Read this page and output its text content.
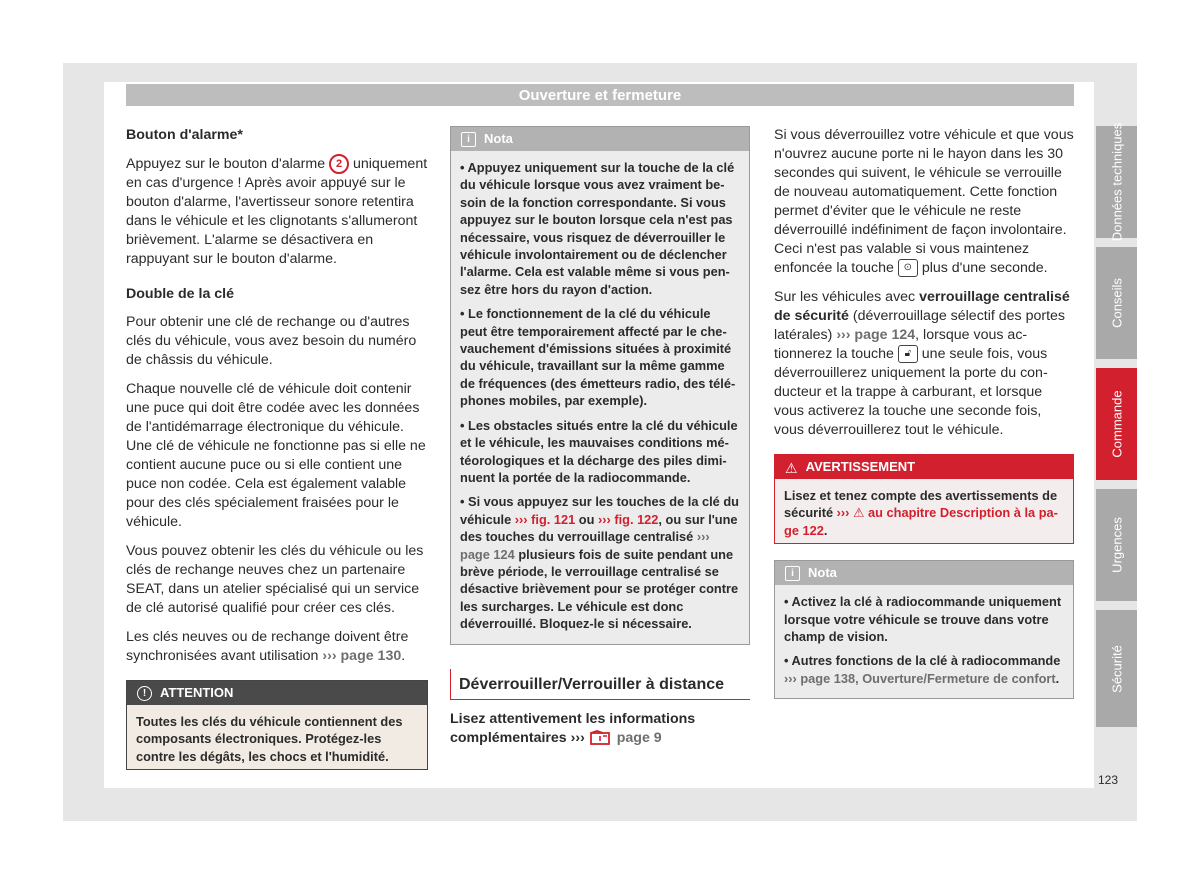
Ouverture et fermeture
Bouton d'alarme*

Appuyez sur le bouton d'alarme 2 uniquement en cas d'urgence ! Après avoir appuyé sur le bouton d'alarme, l'avertisseur sonore retentira dans le véhicule et les clignotants s'allumeront brièvement. L'alarme se désactivera en rappuyant sur le bouton d'alarme.

Double de la clé

Pour obtenir une clé de rechange ou d'autres clés du véhicule, vous avez besoin du numéro de châssis du véhicule.

Chaque nouvelle clé de véhicule doit contenir une puce qui doit être codée avec les données de l'antidémarrage électronique du véhicule. Une clé de véhicule ne fonctionne pas si elle ne contient aucune puce ou si elle contient une puce non codée. Cela est également valable pour des clés spécialement fraisées pour le véhicule.

Vous pouvez obtenir les clés du véhicule ou les clés de rechange neuves chez un partenaire SEAT, dans un atelier spécialisé qui un service de clé autorisé qualifié pour créer ces clés.

Les clés neuves ou de rechange doivent être synchronisées avant utilisation ››› page 130.

! ATTENTION
Toutes les clés du véhicule contiennent des composants électroniques. Protégez-les contre les dégâts, les chocs et l'humidité.
i Nota

• Appuyez uniquement sur la touche de la clé du véhicule lorsque vous avez vraiment besoin de la fonction correspondante. Si vous appuyez sur le bouton lorsque cela n'est pas nécessaire, vous risquez de déverrouiller le véhicule involontairement ou de déclencher l'alarme. Cela est valable même si vous pensez être hors du rayon d'action.

• Le fonctionnement de la clé du véhicule peut être temporairement affecté par le chevauchement d'émissions situées à proximité du véhicule, travaillant sur la même gamme de fréquences (des émetteurs radio, des téléphones mobiles, par exemple).

• Les obstacles situés entre la clé du véhicule et le véhicule, les mauvaises conditions météorologiques et la décharge des piles diminuent la portée de la radiocommande.

• Si vous appuyez sur les touches de la clé du véhicule ››› fig. 121 ou ››› fig. 122, ou sur l'une des touches du verrouillage centralisé ››› page 124 plusieurs fois de suite pendant une brève période, le verrouillage centralisé se désactive brièvement pour se protéger contre les surcharges. Le véhicule est donc déverrouillé. Bloquez-le si nécessaire.

Déverrouiller/Verrouiller à distance

Lisez attentivement les informations complémentaires ››› page 9

Si vous déverrouillez votre véhicule et que vous n'ouvrez aucune porte ni le hayon dans les 30 secondes qui suivent, le véhicule se verrouille de nouveau automatiquement. Cette fonction permet d'éviter que le véhicule ne reste déverrouillé indéfiniment de façon involontaire. Ceci n'est pas valable si vous maintenez enfoncée la touche ⊙ plus d'une seconde.

Sur les véhicules avec verrouillage centralisé de sécurité (déverrouillage sélectif des portes latérales) ››› page 124, lorsque vous actionnerez la touche 🔓︎ une seule fois, vous déverrouillerez uniquement la porte du conducteur et la trappe à carburant, et lorsque vous activerez la touche une seconde fois, vous déverrouillerez tout le véhicule.

⚠ AVERTISSEMENT
Lisez et tenez compte des avertissements de sécurité ››› ⚠ au chapitre Description à la page 122.
i Nota

• Activez la clé à radiocommande uniquement lorsque votre véhicule se trouve dans votre champ de vision.

• Autres fonctions de la clé à radiocommande ››› page 138, Ouverture/Fermeture de confort.

Données techniques
Conseils
Commande
Urgences
Sécurité
123
